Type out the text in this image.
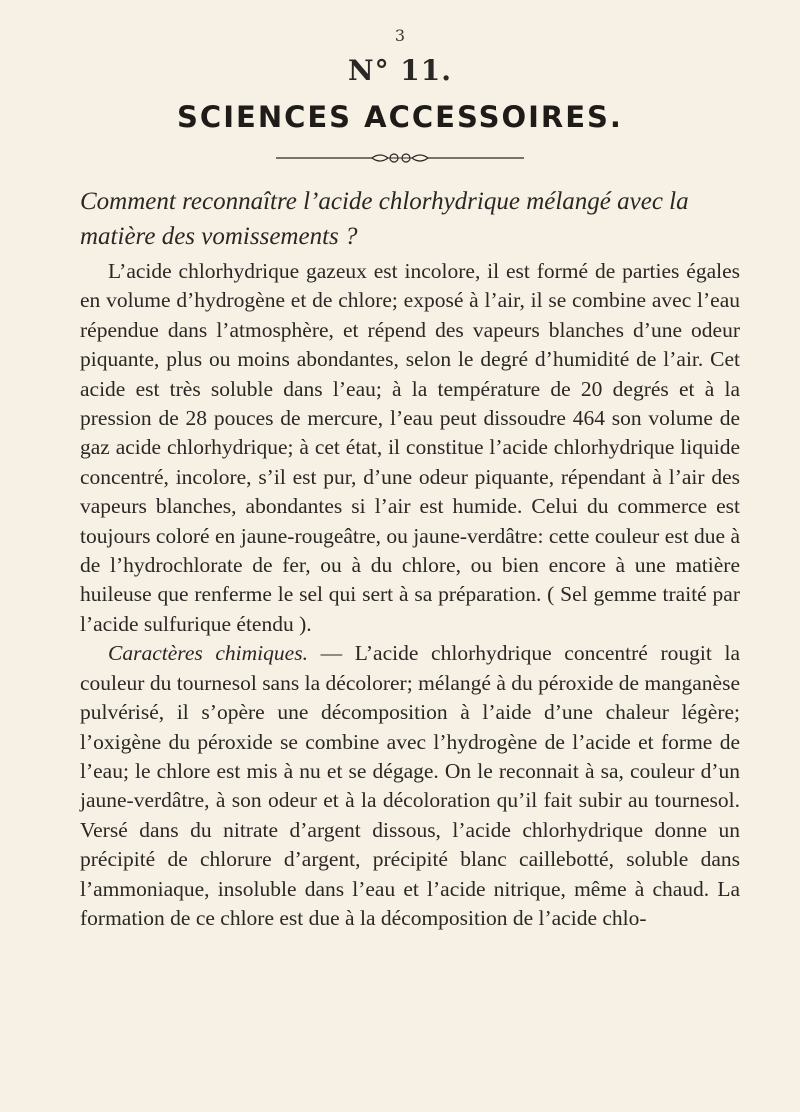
3
N° 11.
SCIENCES ACCESSOIRES.
Comment reconnaître l’acide chlorhydrique mélangé avec la matière des vomissements ?

L’acide chlorhydrique gazeux est incolore, il est formé de parties égales en volume d’hydrogène et de chlore; exposé à l’air, il se combine avec l’eau répendue dans l’atmosphère, et répend des vapeurs blanches d’une odeur piquante, plus ou moins abondantes, selon le degré d’humidité de l’air. Cet acide est très soluble dans l’eau; à la température de 20 degrés et à la pression de 28 pouces de mercure, l’eau peut dissoudre 464 son volume de gaz acide chlorhydrique; à cet état, il constitue l’acide chlorhydrique liquide concentré, incolore, s’il est pur, d’une odeur piquante, répendant à l’air des vapeurs blanches, abondantes si l’air est humide. Celui du commerce est toujours coloré en jaune-rougeâtre, ou jaune-verdâtre: cette couleur est due à de l’hydrochlorate de fer, ou à du chlore, ou bien encore à une matière huileuse que renferme le sel qui sert à sa préparation. ( Sel gemme traité par l’acide sulfurique étendu ).

Caractères chimiques. — L’acide chlorhydrique concentré rougit la couleur du tournesol sans la décolorer; mélangé à du péroxide de manganèse pulvérisé, il s’opère une décomposition à l’aide d’une chaleur légère; l’oxigène du péroxide se combine avec l’hydrogène de l’acide et forme de l’eau; le chlore est mis à nu et se dégage. On le reconnait à sa, couleur d’un jaune-verdâtre, à son odeur et à la décoloration qu’il fait subir au tournesol. Versé dans du nitrate d’argent dissous, l’acide chlorhydrique donne un précipité de chlorure d’argent, précipité blanc caillebotté, soluble dans l’ammoniaque, insoluble dans l’eau et l’acide nitrique, même à chaud. La formation de ce chlore est due à la décomposition de l’acide chlo-
